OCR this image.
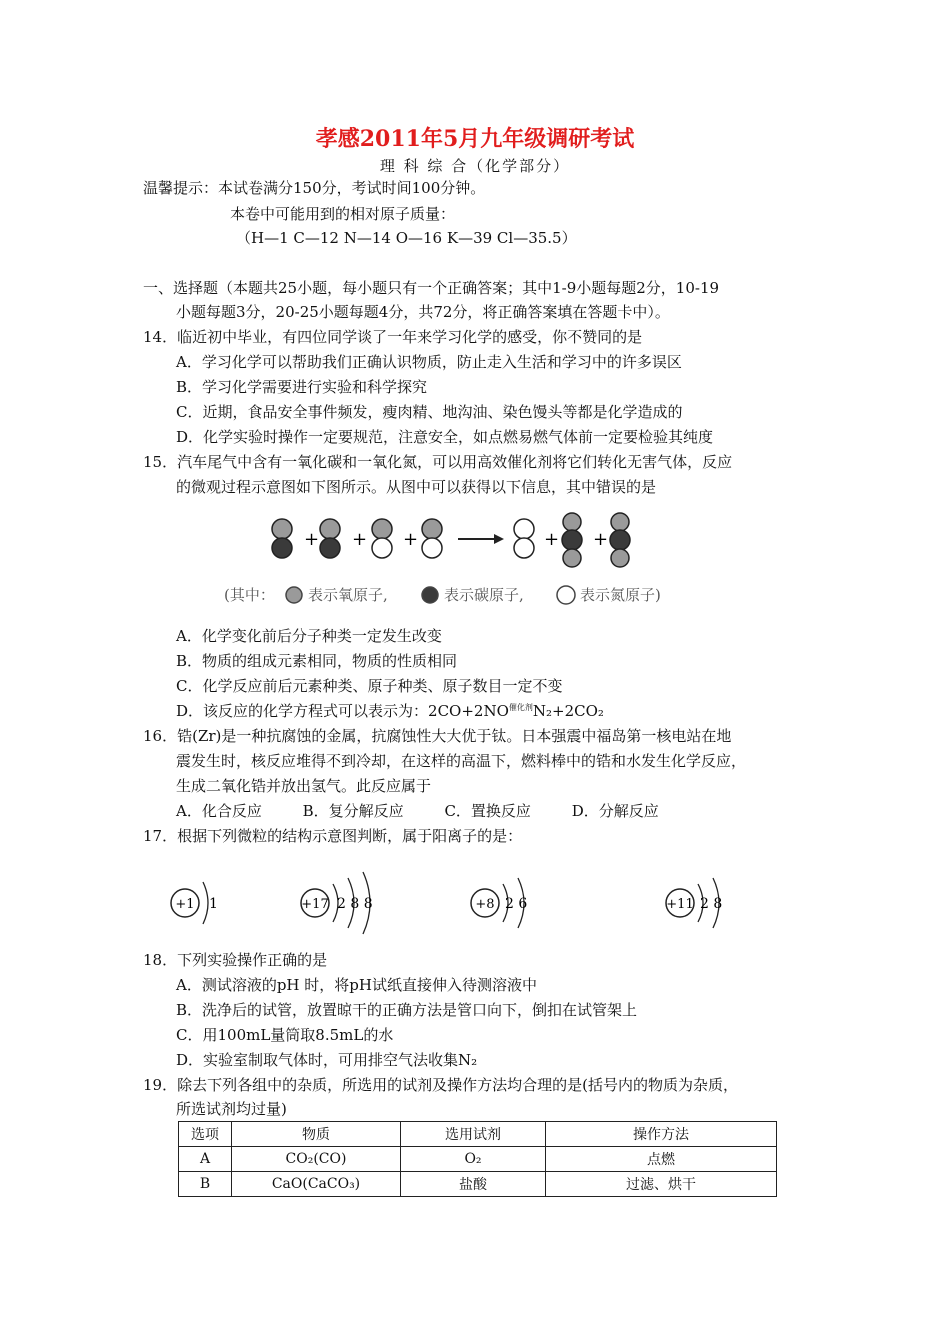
孝感2011年5月九年级调研考试
理 科 综 合（化学部分）
温馨提示：本试卷满分150分，考试时间100分钟。
本卷中可能用到的相对原子质量：
（H—1 C—12 N—14 O—16 K—39 Cl—35.5）
一、选择题（本题共25小题，每小题只有一个正确答案；其中1-9小题每题2分，10-19
小题每题3分，20-25小题每题4分，共72分，将正确答案填在答题卡中）。
14．临近初中毕业，有四位同学谈了一年来学习化学的感受，你不赞同的是
A．学习化学可以帮助我们正确认识物质，防止走入生活和学习中的许多误区
B．学习化学需要进行实验和科学探究
C．近期，食品安全事件频发，瘦肉精、地沟油、染色馒头等都是化学造成的
D．化学实验时操作一定要规范，注意安全，如点燃易燃气体前一定要检验其纯度
15．汽车尾气中含有一氧化碳和一氧化氮，可以用高效催化剂将它们转化无害气体，反应
的微观过程示意图如下图所示。从图中可以获得以下信息，其中错误的是
+ + +	+ +
(其中： 表示氧原子,	表示碳原子,	表示氮原子)
A．化学变化前后分子种类一定发生改变
B．物质的组成元素相同，物质的性质相同
C．化学反应前后元素种类、原子种类、原子数目一定不变
D．该反应的化学方程式可以表示为：$2CO+2NO^{催化剂}N_2+2CO_2$
16．锆(Zr)是一种抗腐蚀的金属，抗腐蚀性大大优于钛。日本强震中福岛第一核电站在地
震发生时，核反应堆得不到冷却，在这样的高温下，燃料棒中的锆和水发生化学反应，
生成二氧化锆并放出氢气。此反应属于
A．化合反应	B．复分解反应	C．置换反应	D．分解反应
17．根据下列微粒的结构示意图判断，属于阳离子的是：
+1 1	+17 2 8 8	+8 2 6	+11 2 8
18．下列实验操作正确的是
A．测试溶液的pH 时，将pH试纸直接伸入待测溶液中
B．洗净后的试管，放置晾干的正确方法是管口向下，倒扣在试管架上
C．用100mL量筒取8.5mL的水
D．实验室制取气体时，可用排空气法收集N₂
19．除去下列各组中的杂质，所选用的试剂及操作方法均合理的是(括号内的物质为杂质，
所选试剂均过量)
选项	物质	选用试剂	操作方法
A	CO₂(CO)	O₂	点燃
B	CaO(CaCO₃)	盐酸	过滤、烘干
